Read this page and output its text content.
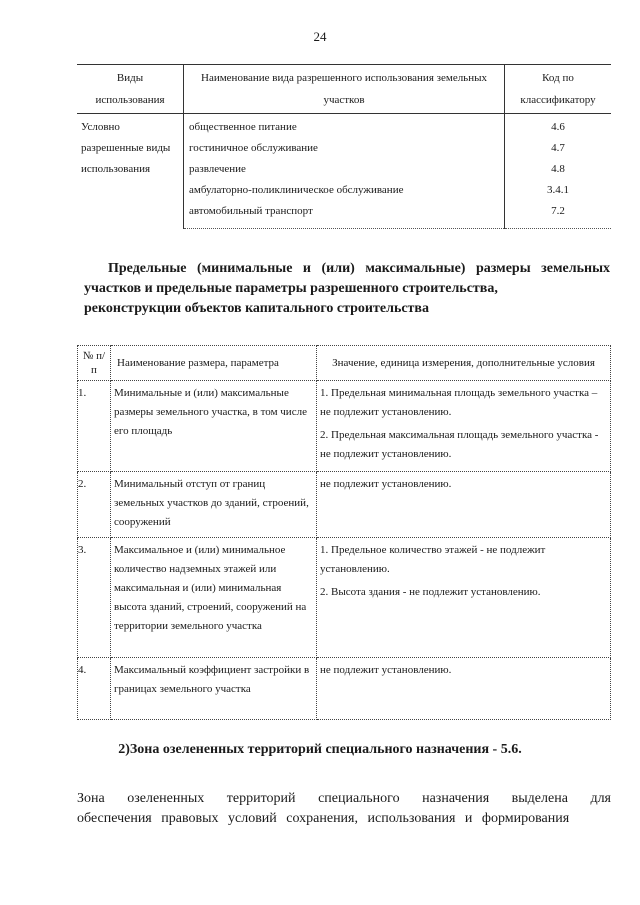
24
Виды использования	Наименование вида разрешенного использования земельных участков	Код по классификатору
Условно разрешенные виды использования	общественное питание	4.6
	гостиничное обслуживание	4.7
	развлечение	4.8
	амбулаторно-поликлиническое обслуживание	3.4.1
	автомобильный транспорт	7.2
Предельные (минимальные и (или) максимальные) размеры земельных участков и предельные параметры разрешенного строительства,
реконструкции объектов капитального строительства
№ п/п	Наименование размера, параметра	Значение, единица измерения, дополнительные условия
1.	Минимальные и (или) максимальные размеры земельного участка, в том числе его площадь	1. Предельная минимальная площадь земельного участка – не подлежит установлению.

2. Предельная максимальная площадь земельного участка - не подлежит установлению.

2.	Минимальный отступ от границ земельных участков до зданий, строений, сооружений	не подлежит установлению.

3.	Максимальное и (или) минимальное количество надземных этажей или максимальная и (или) минимальная высота зданий, строений, сооружений на территории земельного участка	1. Предельное количество этажей - не подлежит установлению.

2. Высота здания - не подлежит установлению.

4.	Максимальный коэффициент застройки в границах земельного участка	не подлежит установлению.

2)Зона озелененных территорий специального назначения - 5.6.
Зона озелененных территорий специального назначения выделена для обеспечения правовых условий сохранения, использования и формирования
